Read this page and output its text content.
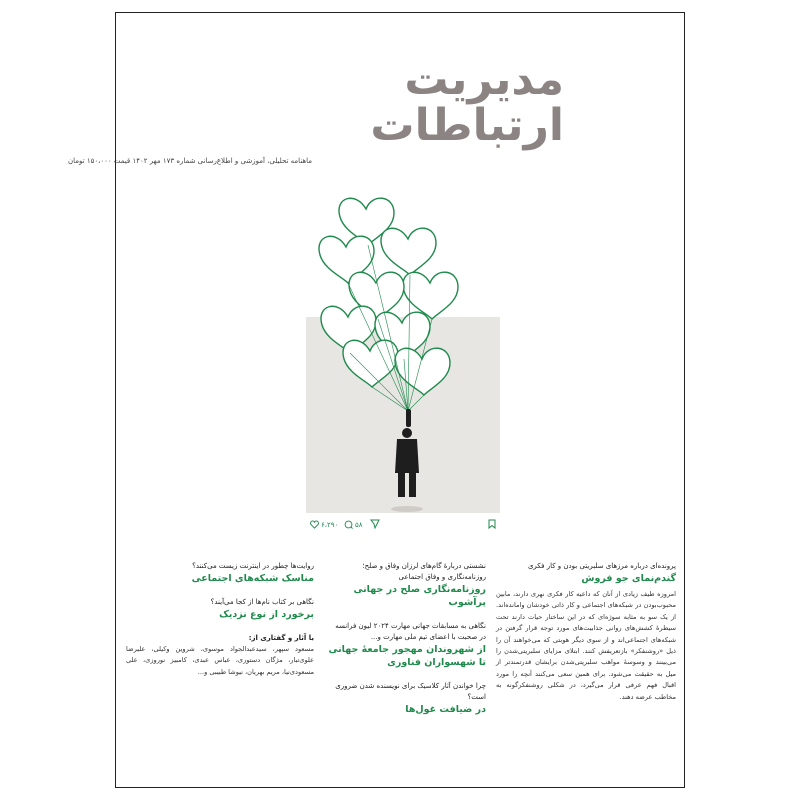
مدیریت
ارتباطات
ماهنامه تحلیلی، آموزشی و اطلاع‌رسانی شماره ۱۷۳ مهر ۱۴۰۲ قیمت ۱۵۰،۰۰۰ تومان
۶،۲۹۰ ۵۸
پرونده‌ای درباره مرزهای سلبریتی بودن و کار فکری
گندم‌نمای جو فروش
امروزه طیف زیادی از آنان که داعیه کار فکری‌ نهری دارند، مابین محبوب‌بودن در شبکه‌های اجتماعی و کار ذاتی خودشان وامانده‌اند. از یک سو به مثابه سوژه‌ای که در این ساختار حیات دارند تحت سیطرهٔ کشش‌های روانی جذابیت‌های مورد توجه قرار گرفتن در شبکه‌های اجتماعی‌اند و از سوی دیگر هوبتی که می‌خواهند آن را ذیل «روشنفکر» بازتعریفش کنند. ابتلای مزایای سلبریتی‌شدن را می‌بینند و وسوسهٔ مواهب سلبریتی‌شدن برایشان قدرتمندتر از میل به حقیقت می‌شود. برای همین سعی می‌کنند آنچه را مورد اقبال فهم عرفی قرار می‌گیرد، در شکلی روشنفکرگونه به مخاطب عرضه دهند.
نشستی دربارهٔ گام‌های لرزان وفاق و صلح؛ روزنامه‌نگاری و وفاق اجتماعی
روزنامه‌نگاری صلح در جهانی پرآشوب
نگاهی به مسابقات جهانی مهارت ۲۰۲۴ لیون فرانسه در صحبت با اعضای تیم ملی مهارت و...
از شهروندان مهجور جامعهٔ جهانی تا شهسواران فناوری
چرا خواندن آثار کلاسیک برای نویسنده شدن ضروری است؟
در ضیافت غول‌ها
روایت‌ها چطور در اینترنت زیست می‌کنند؟
مناسک شبکه‌های اجتماعی
نگاهی بر کتاب نام‌ها از کجا می‌آیند؟
برخورد از نوع نزدیک
با آثار و گفتاری از:
مسعود سپهر، سیدعبدالجواد موسوی، شروین وکیلی، علیرضا علوی‌تبار، مژگان دستوری، عباس عبدی، کامبیز نوروزی، علی مسعودی‌نیا، مریم بهریان، نیوشا طبیبی و...
